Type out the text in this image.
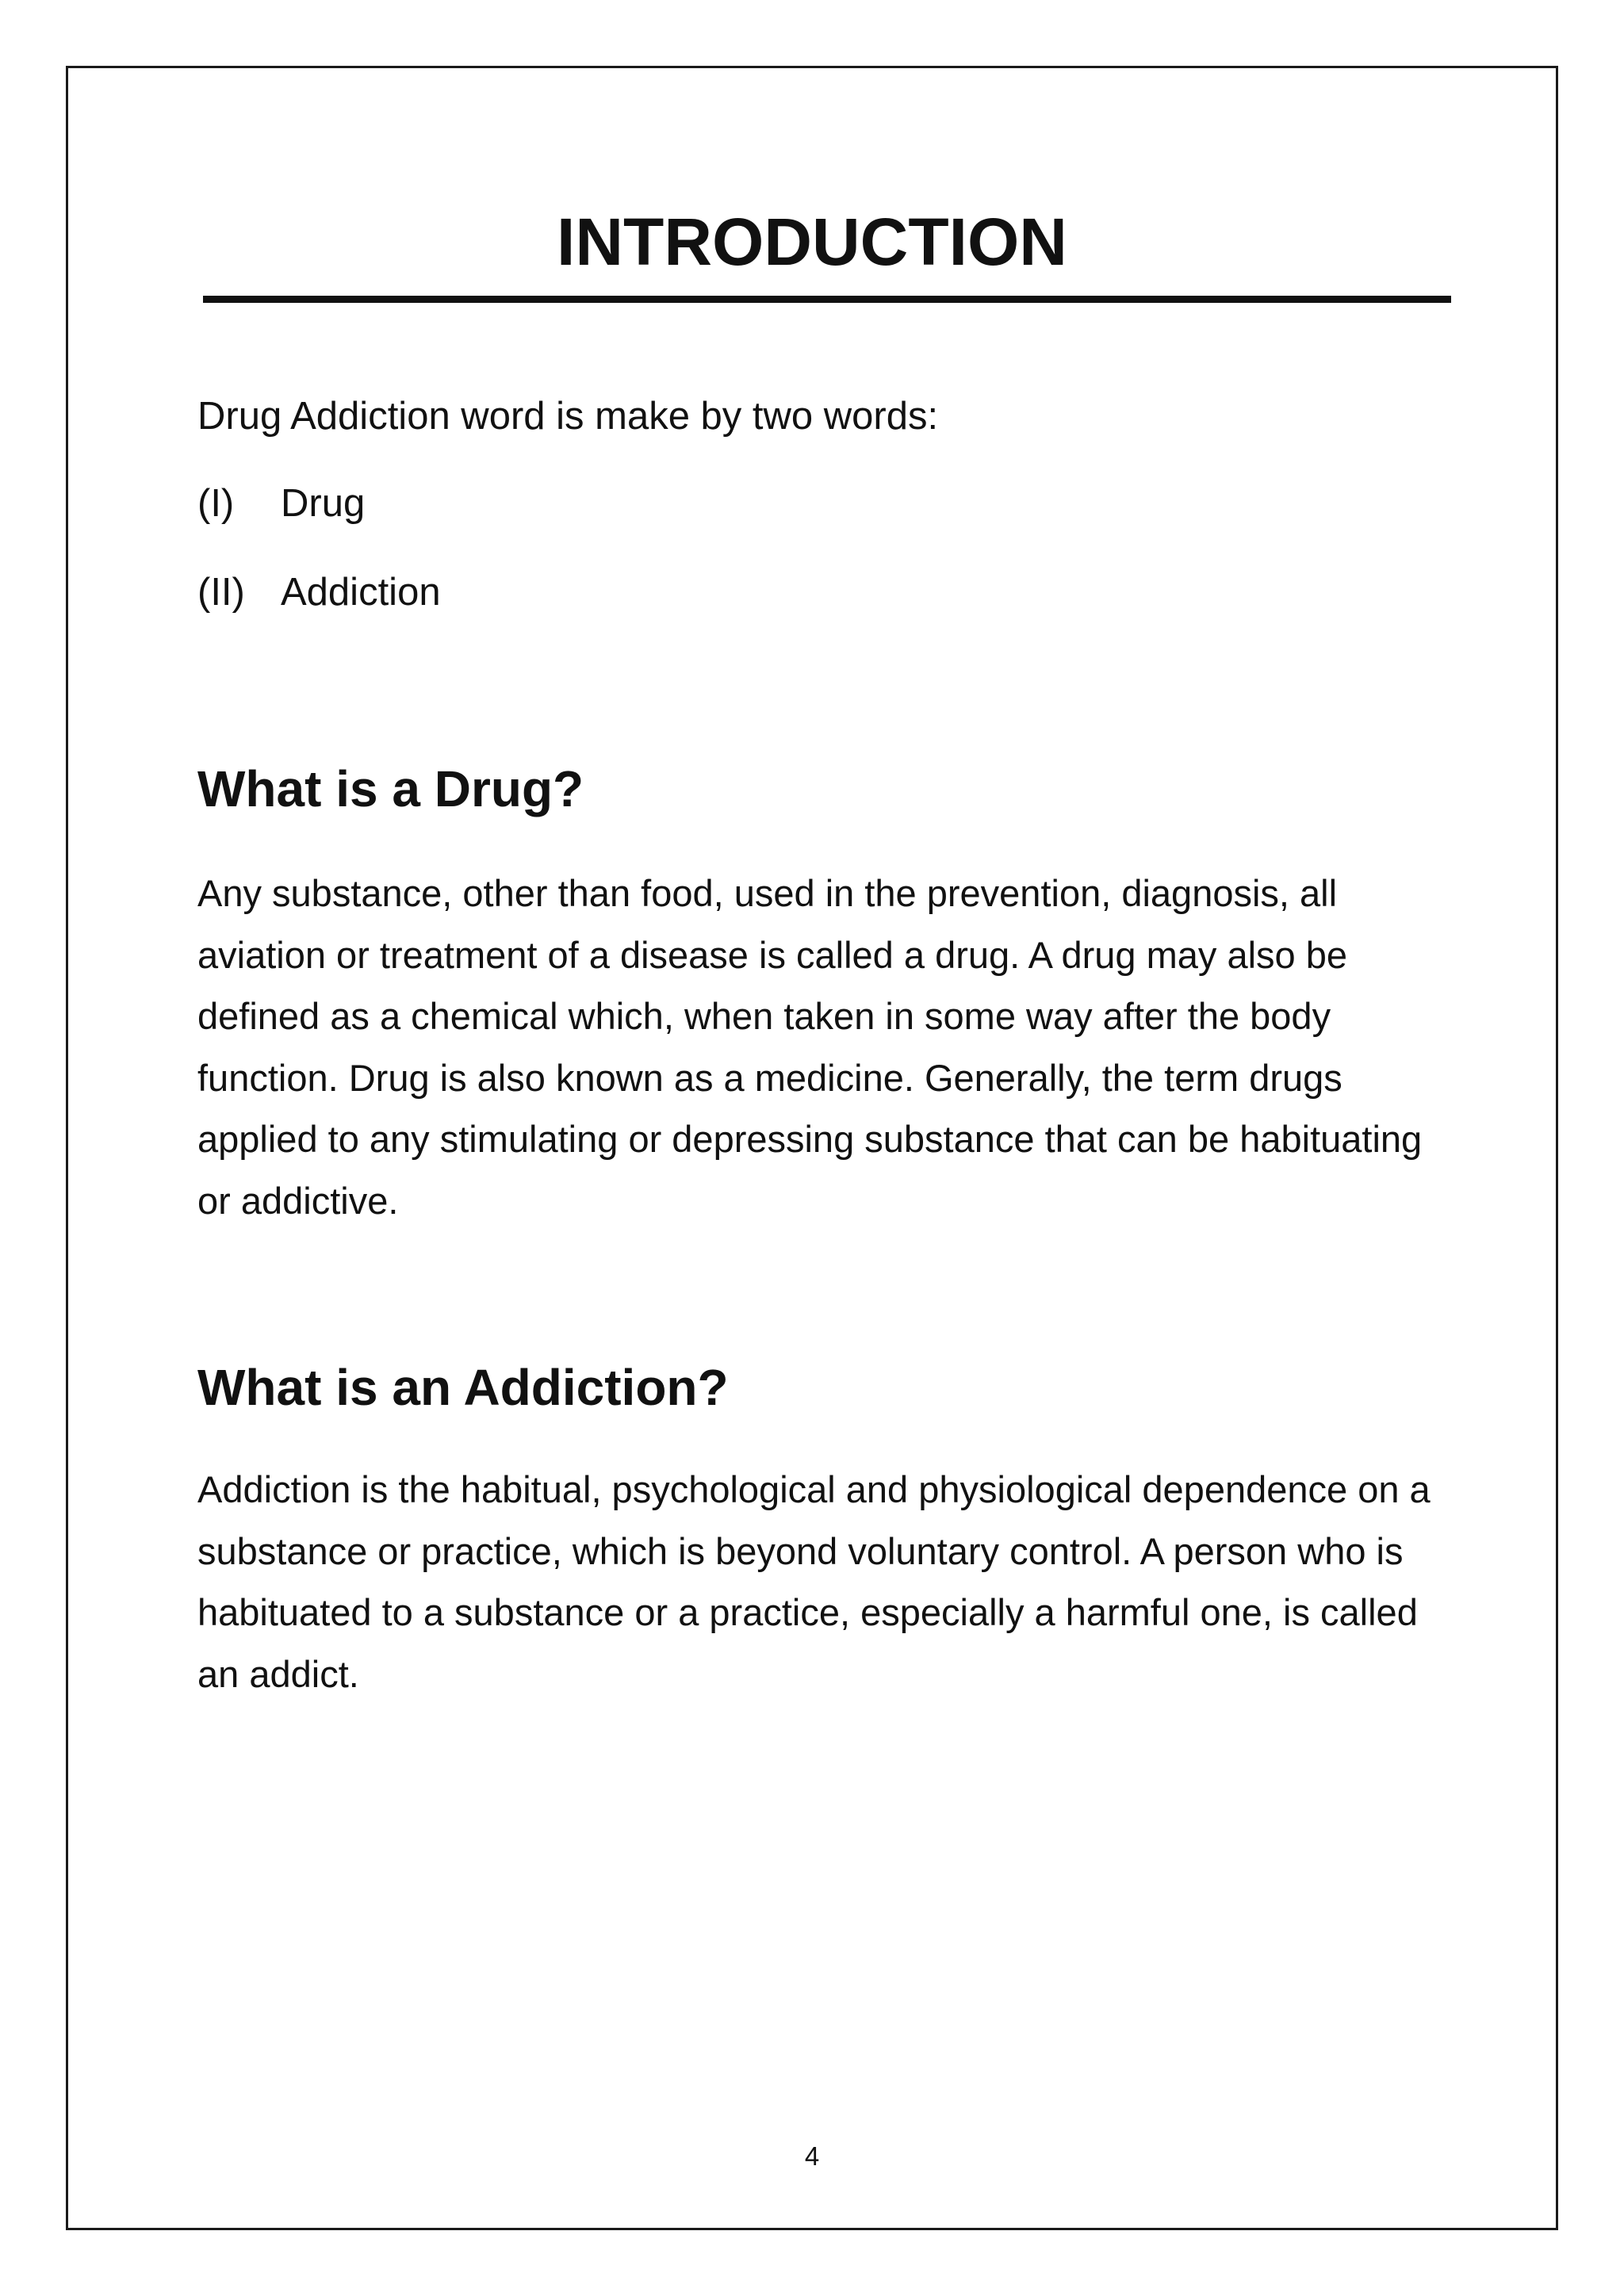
INTRODUCTION

Drug Addiction word is make by two words:

(I) Drug
(II) Addiction
What is a Drug?

Any substance, other than food, used in the prevention, diagnosis, all aviation or treatment of a disease is called a drug. A drug may also be defined as a chemical which, when taken in some way after the body function. Drug is also known as a medicine. Generally, the term drugs applied to any stimulating or depressing substance that can be habituating or addictive.

What is an Addiction?

Addiction is the habitual, psychological and physiological dependence on a substance or practice, which is beyond voluntary control. A person who is habituated to a substance or a practice, especially a harmful one, is called an addict.

4
